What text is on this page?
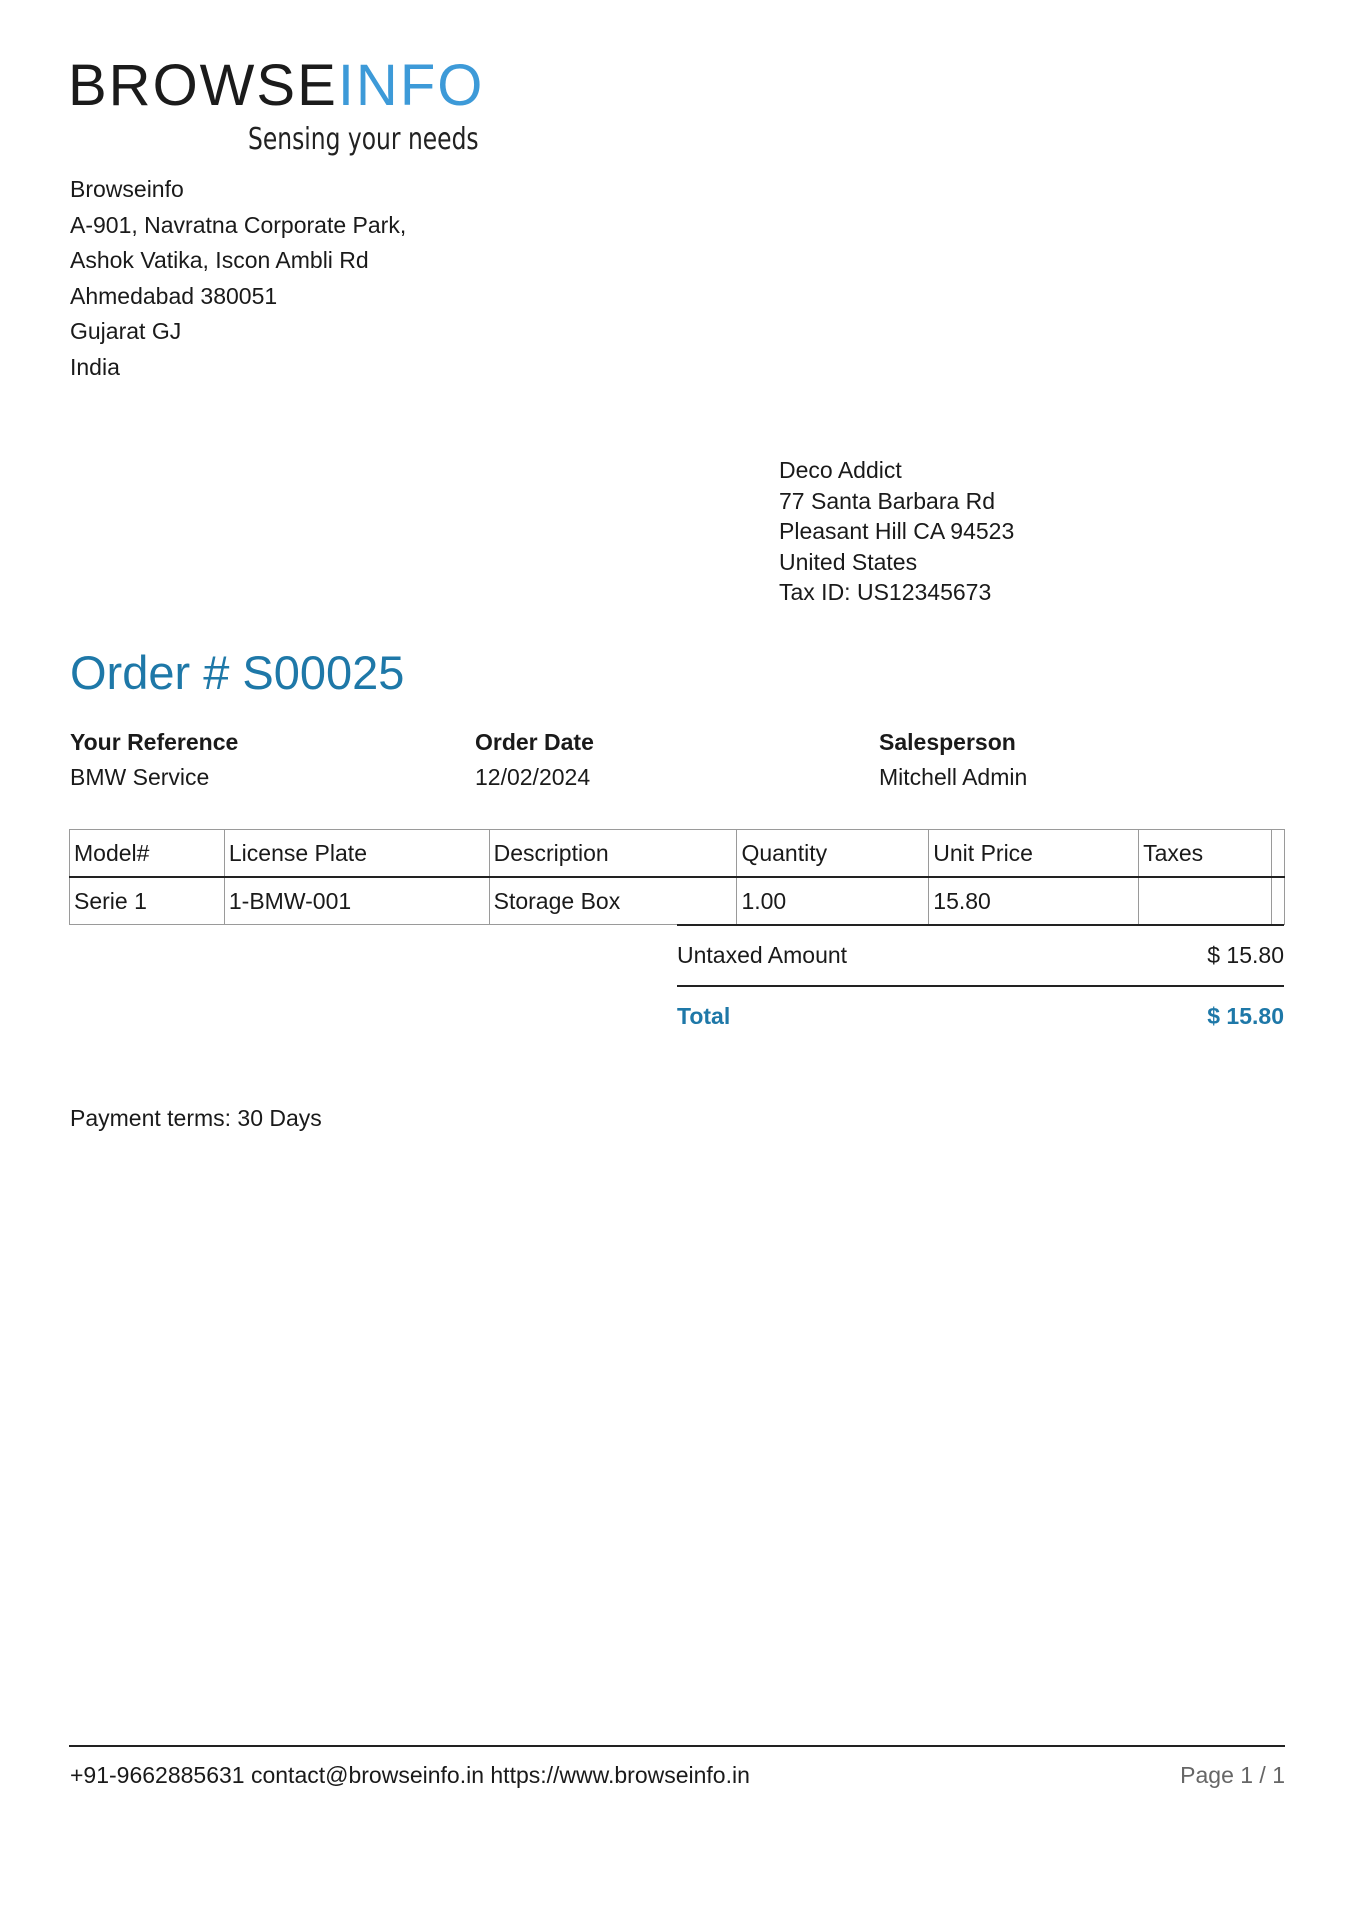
BROWSEINFO
Sensing your needs
Browseinfo
A-901, Navratna Corporate Park,
Ashok Vatika, Iscon Ambli Rd
Ahmedabad 380051
Gujarat GJ
India
Deco Addict
77 Santa Barbara Rd
Pleasant Hill CA 94523
United States
Tax ID: US12345673
Order # S00025
Your Reference
BMW Service
Order Date
12/02/2024
Salesperson
Mitchell Admin
Model#	License Plate	Description	Quantity	Unit Price	Taxes	
Serie 1	1-BMW-001	Storage Box	1.00	15.80		
Untaxed Amount	$ 15.80
Total	$ 15.80
Payment terms: 30 Days
+91-9662885631 contact@browseinfo.in https://www.browseinfo.in	Page 1 / 1
